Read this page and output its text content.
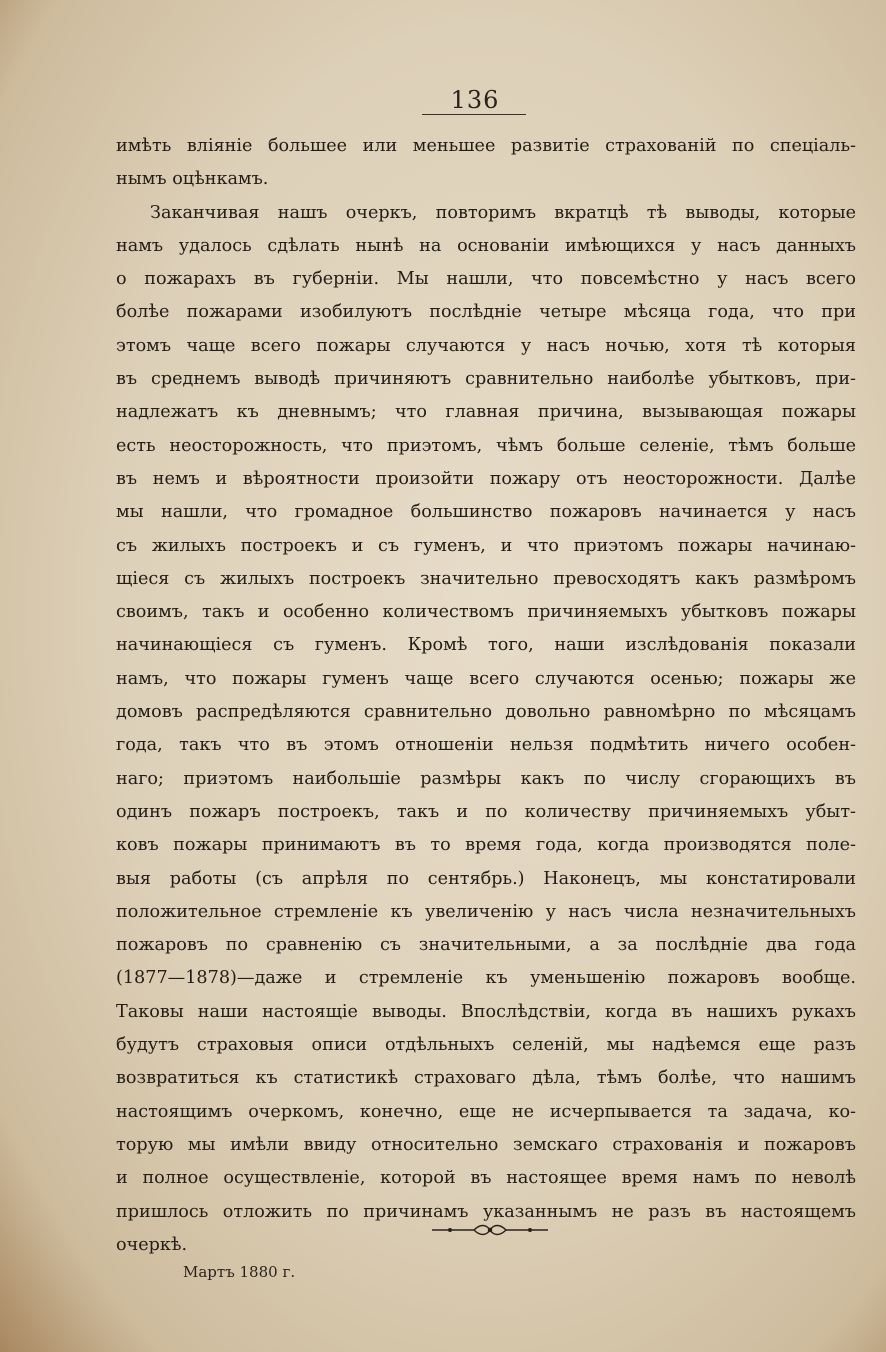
136
имѣть вліяніе большее или меньшее развитіе страхованій по спеціаль-
нымъ оцѣнкамъ.
Заканчивая нашъ очеркъ, повторимъ вкратцѣ тѣ выводы, которые
намъ удалось сдѣлать нынѣ на основаніи имѣющихся у насъ данныхъ
о пожарахъ въ губерніи. Мы нашли, что повсемѣстно у насъ всего
болѣе пожарами изобилуютъ послѣдніе четыре мѣсяца года, что при
этомъ чаще всего пожары случаются у насъ ночью, хотя тѣ которыя
въ среднемъ выводѣ причиняютъ сравнительно наиболѣе убытковъ, при-
надлежатъ къ дневнымъ; что главная причина, вызывающая пожары
есть неосторожность, что приэтомъ, чѣмъ больше селеніе, тѣмъ больше
въ немъ и вѣроятности произойти пожару отъ неосторожности. Далѣе
мы нашли, что громадное большинство пожаровъ начинается у насъ
съ жилыхъ построекъ и съ гуменъ, и что приэтомъ пожары начинаю-
щіеся съ жилыхъ построекъ значительно превосходятъ какъ размѣромъ
своимъ, такъ и особенно количествомъ причиняемыхъ убытковъ пожары
начинающіеся съ гуменъ. Кромѣ того, наши изслѣдованія показали
намъ, что пожары гуменъ чаще всего случаются осенью; пожары же
домовъ распредѣляются сравнительно довольно равномѣрно по мѣсяцамъ
года, такъ что въ этомъ отношеніи нельзя подмѣтить ничего особен-
наго; приэтомъ наибольшіе размѣры какъ по числу сгорающихъ въ
одинъ пожаръ построекъ, такъ и по количеству причиняемыхъ убыт-
ковъ пожары принимаютъ въ то время года, когда производятся поле-
выя работы (съ апрѣля по сентябрь.) Наконецъ, мы констатировали
положительное стремленіе къ увеличенію у насъ числа незначительныхъ
пожаровъ по сравненію съ значительными, а за послѣдніе два года
(1877—1878)—даже и стремленіе къ уменьшенію пожаровъ вообще.
Таковы наши настоящіе выводы. Впослѣдствіи, когда въ нашихъ рукахъ
будутъ страховыя описи отдѣльныхъ селеній, мы надѣемся еще разъ
возвратиться къ статистикѣ страховаго дѣла, тѣмъ болѣе, что нашимъ
настоящимъ очеркомъ, конечно, еще не исчерпывается та задача, ко-
торую мы имѣли ввиду относительно земскаго страхованія и пожаровъ
и полное осуществленіе, которой въ настоящее время намъ по неволѣ
пришлось отложить по причинамъ указаннымъ не разъ въ настоящемъ
очеркѣ.
Мартъ 1880 г.
